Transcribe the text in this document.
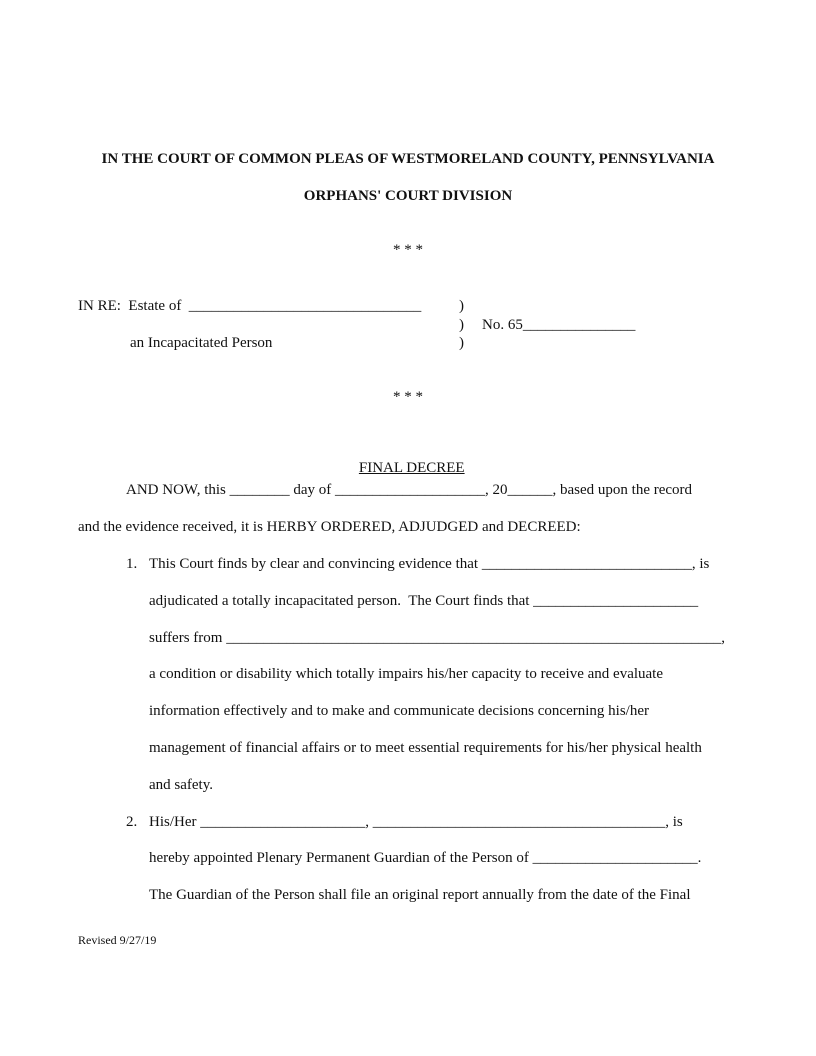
IN THE COURT OF COMMON PLEAS OF WESTMORELAND COUNTY, PENNSYLVANIA
ORPHANS' COURT DIVISION
* * *
IN RE:  Estate of  _______________________________
an Incapacitated Person
)
)
)
No. 65_______________
* * *

FINAL DECREE

AND NOW, this ________ day of ____________________, 20______, based upon the record
and the evidence received, it is HERBY ORDERED, ADJUDGED and DECREED:
1. This Court finds by clear and convincing evidence that ____________________________, is
adjudicated a totally incapacitated person.  The Court finds that ______________________
suffers from __________________________________________________________________,
a condition or disability which totally impairs his/her capacity to receive and evaluate
information effectively and to make and communicate decisions concerning his/her
management of financial affairs or to meet essential requirements for his/her physical health
and safety.
2. His/Her ______________________, _______________________________________, is
hereby appointed Plenary Permanent Guardian of the Person of ______________________.
The Guardian of the Person shall file an original report annually from the date of the Final
Revised 9/27/19
